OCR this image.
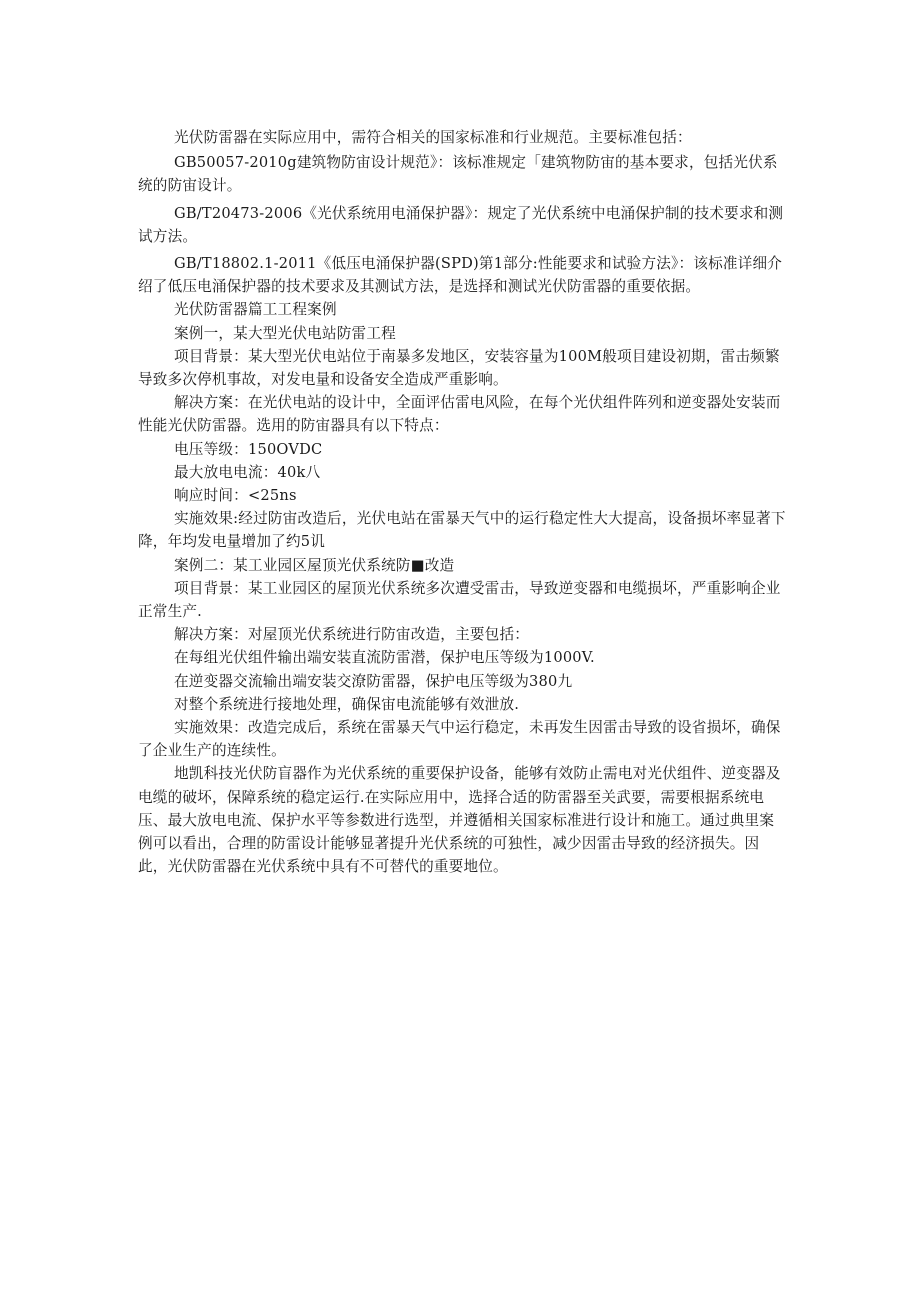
光伏防雷器在实际应用中，需符合相关的国家标准和行业规范。主要标准包括：

GB50057-2010g建筑物防宙设计规范》：该标准规定「建筑物防宙的基本要求，包括光伏系统的防宙设计。

GB/T20473-2006《光伏系统用电涌保护器》：规定了光伏系统中电涌保护制的技术要求和测试方法。

GB/T18802.1-2011《低压电涌保护器(SPD)第1部分:性能要求和试验方法》：该标准详细介绍了低压电涌保护器的技术要求及其测试方法，是选择和测试光伏防雷器的重要依据。

光伏防雷器篇工工程案例

案例一，某大型光伏电站防雷工程

项目背景：某大型光伏电站位于南暴多发地区，安装容量为100M般项目建设初期，雷击频繁导致多次停机事故，对发电量和设备安全造成严重影响。

解决方案：在光伏电站的设计中，全面评估雷电风险，在每个光伏组件阵列和逆变器处安装而性能光伏防雷器。选用的防宙器具有以下特点：

电压等级：150OVDC

最大放电电流：40k八

响应时间：<25ns

实施效果:经过防宙改造后，光伏电站在雷暴天气中的运行稳定性大大提高，设备损坏率显著下降，年均发电量增加了约5讥

案例二：某工业园区屋顶光伏系统防■改造

项目背景：某工业园区的屋顶光伏系统多次遭受雷击，导致逆变器和电缆损坏，严重影响企业正常生产.

解决方案：对屋顶光伏系统进行防宙改造，主要包括：

在每组光伏组件输出端安装直流防雷潜，保护电压等级为1000V.

在逆变器交流输出端安装交潦防雷器，保护电压等级为380九

对整个系统进行接地处理，确保宙电流能够有效泄放.

实施效果：改造完成后，系统在雷暴天气中运行稳定，未再发生因雷击导致的设省损坏，确保了企业生产的连续性。

地凯科技光伏防盲器作为光伏系统的重要保护设备，能够有效防止需电对光伏组件、逆变器及电缆的破坏，保障系统的稳定运行.在实际应用中，选择合适的防雷器至关武要，需要根据系统电压、最大放电电流、保护水平等参数进行选型，并遵循相关国家标准进行设计和施工。通过典里案例可以看出，合理的防雷设计能够显著提升光伏系统的可独性，减少因雷击导致的经济损失。因此，光伏防雷器在光伏系统中具有不可替代的重要地位。
